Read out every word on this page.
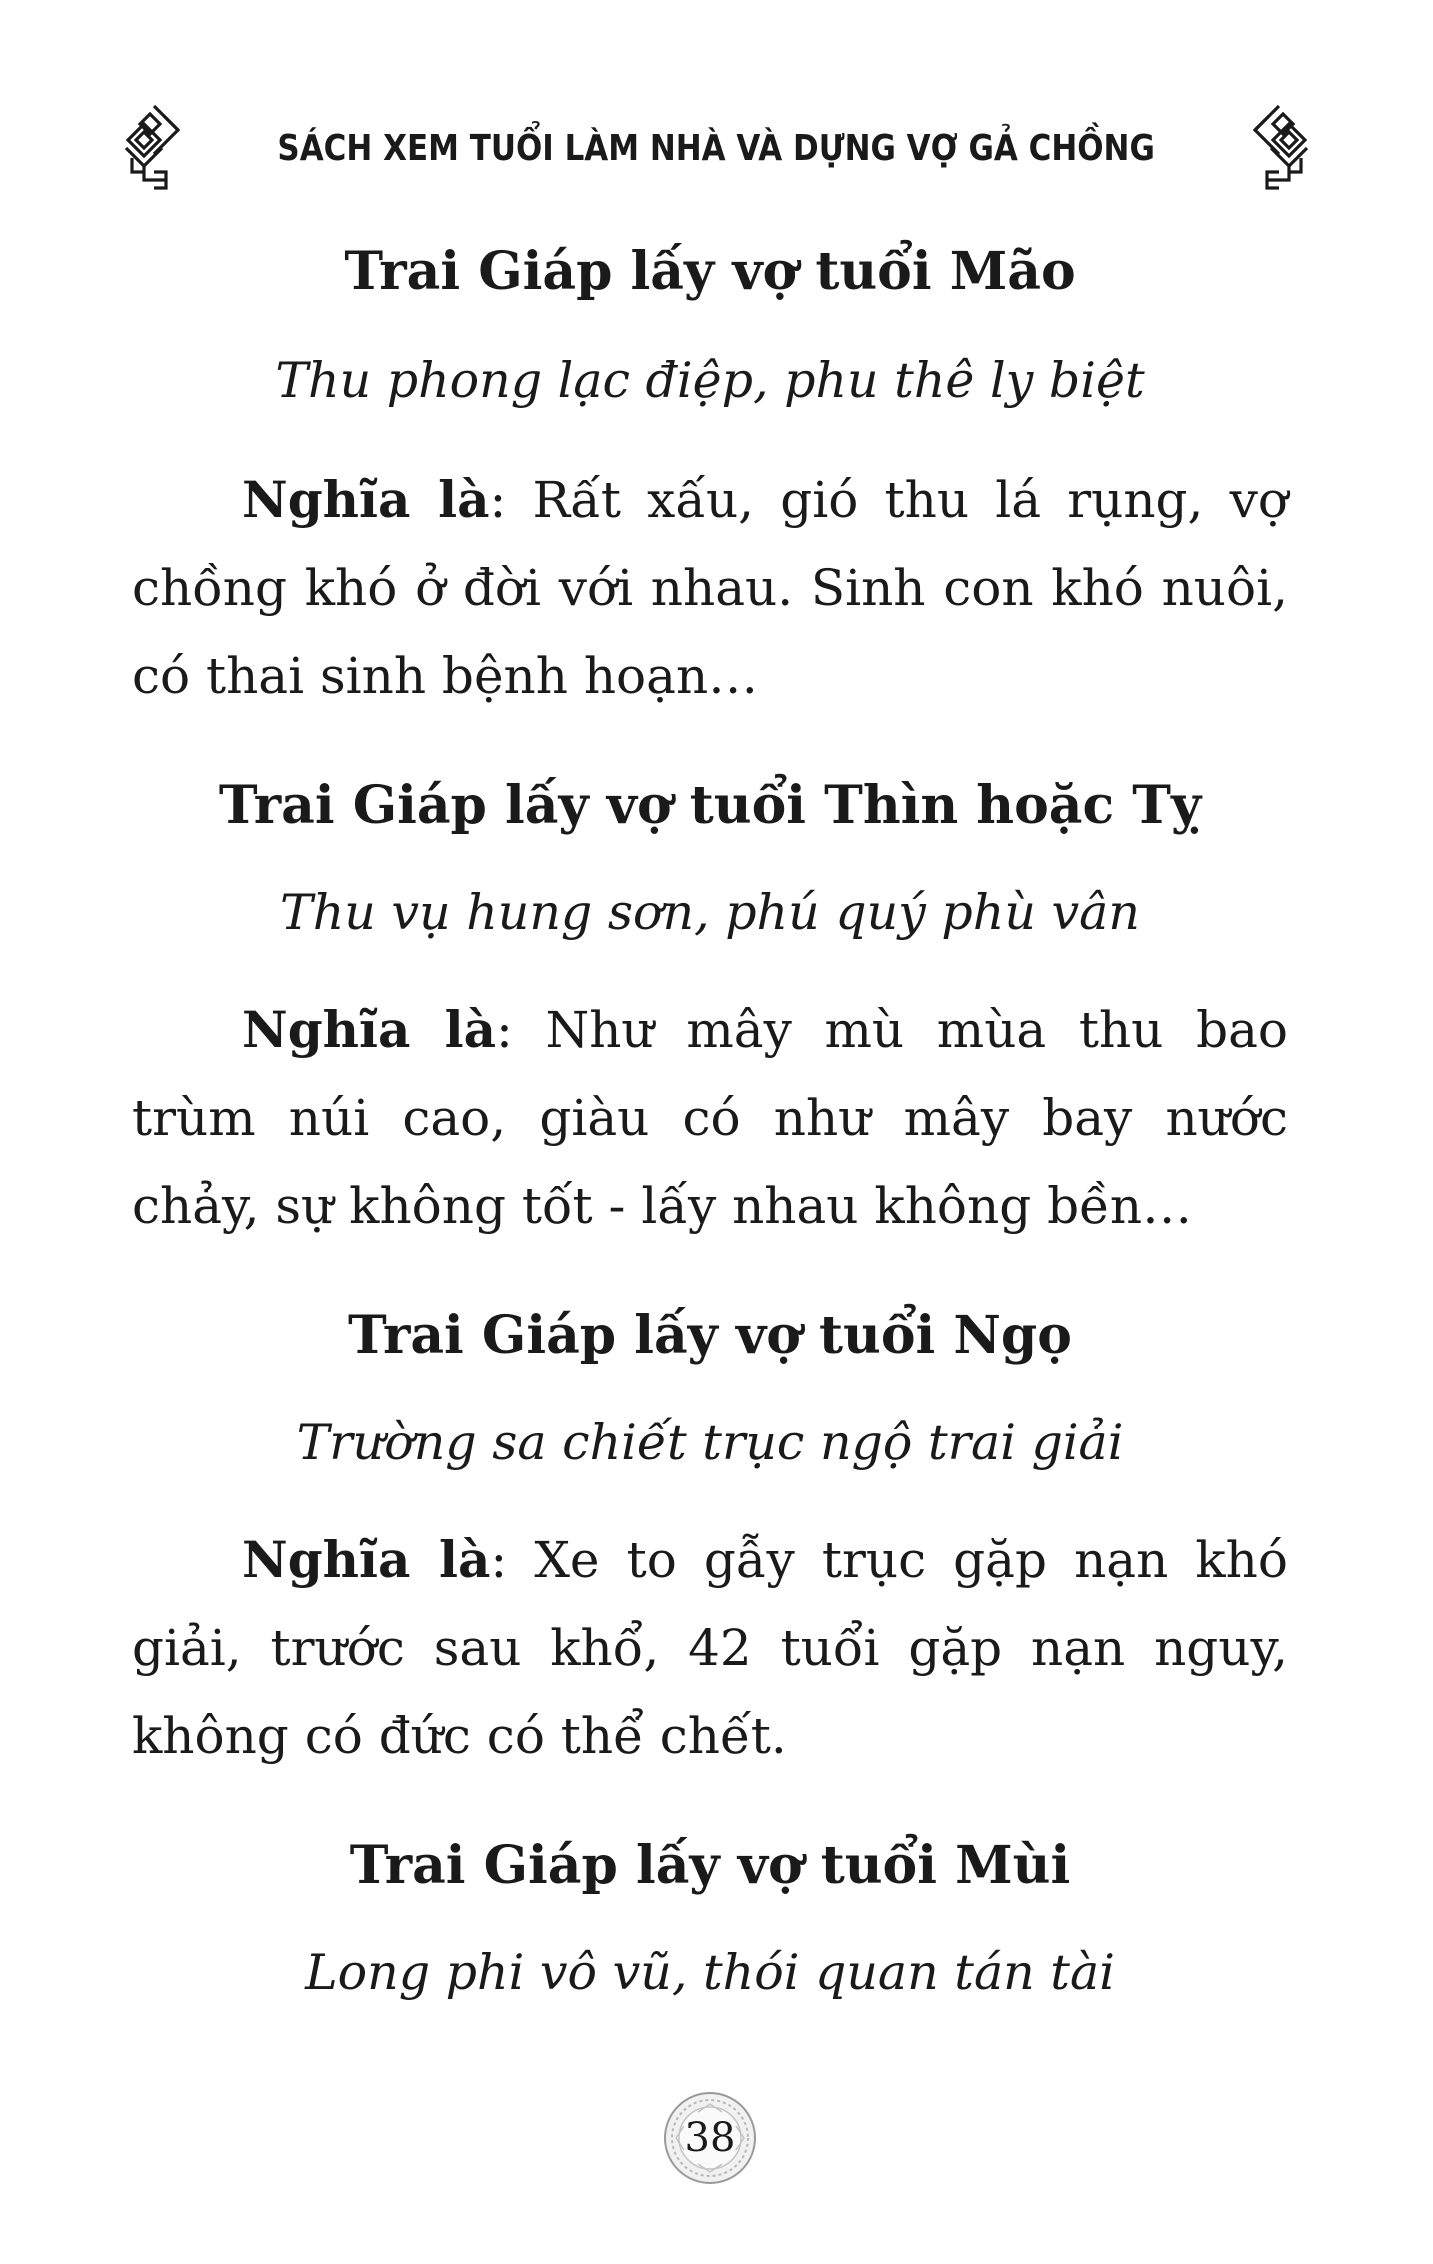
SÁCH XEM TUỔI LÀM NHÀ VÀ DỰNG VỢ GẢ CHỒNG
Trai Giáp lấy vợ tuổi Mão

Thu phong lạc điệp, phu thê ly biệt

Nghĩa là: Rất xấu, gió thu lá rụng, vợ chồng khó ở đời với nhau. Sinh con khó nuôi, có thai sinh bệnh hoạn…

Trai Giáp lấy vợ tuổi Thìn hoặc Tỵ

Thu vụ hung sơn, phú quý phù vân

Nghĩa là: Như mây mù mùa thu bao trùm núi cao, giàu có như mây bay nước chảy, sự không tốt - lấy nhau không bền…

Trai Giáp lấy vợ tuổi Ngọ

Trường sa chiết trục ngộ trai giải

Nghĩa là: Xe to gẫy trục gặp nạn khó giải, trước sau khổ, 42 tuổi gặp nạn nguy, không có đức có thể chết.

Trai Giáp lấy vợ tuổi Mùi

Long phi vô vũ, thói quan tán tài

38
